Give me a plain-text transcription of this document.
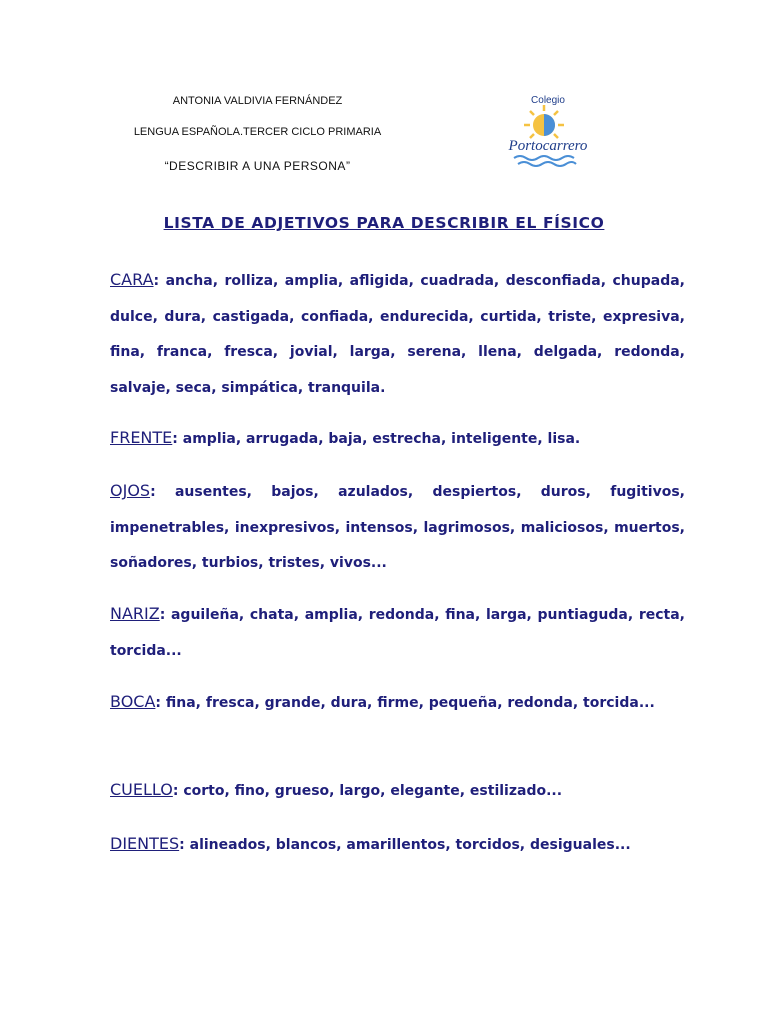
ANTONIA VALDIVIA FERNÁNDEZ
LENGUA ESPAÑOLA.TERCER CICLO PRIMARIA
“DESCRIBIR A UNA PERSONA”
Colegio
Portocarrero
LISTA DE ADJETIVOS PARA DESCRIBIR EL FÍSICO
CARA: ancha, rolliza, amplia, afligida, cuadrada, desconfiada, chupada, dulce, dura, castigada, confiada, endurecida, curtida, triste, expresiva, fina, franca, fresca, jovial, larga, serena, llena, delgada, redonda, salvaje, seca, simpática, tranquila.
FRENTE: amplia, arrugada, baja, estrecha, inteligente, lisa.
OJOS: ausentes, bajos, azulados, despiertos, duros, fugitivos, impenetrables, inexpresivos, intensos, lagrimosos, maliciosos, muertos, soñadores, turbios, tristes, vivos...
NARIZ: aguileña, chata, amplia, redonda, fina, larga, puntiaguda, recta, torcida...
BOCA: fina, fresca, grande, dura, firme, pequeña, redonda, torcida...
CUELLO: corto, fino, grueso, largo, elegante, estilizado...
DIENTES: alineados, blancos, amarillentos, torcidos, desiguales...
